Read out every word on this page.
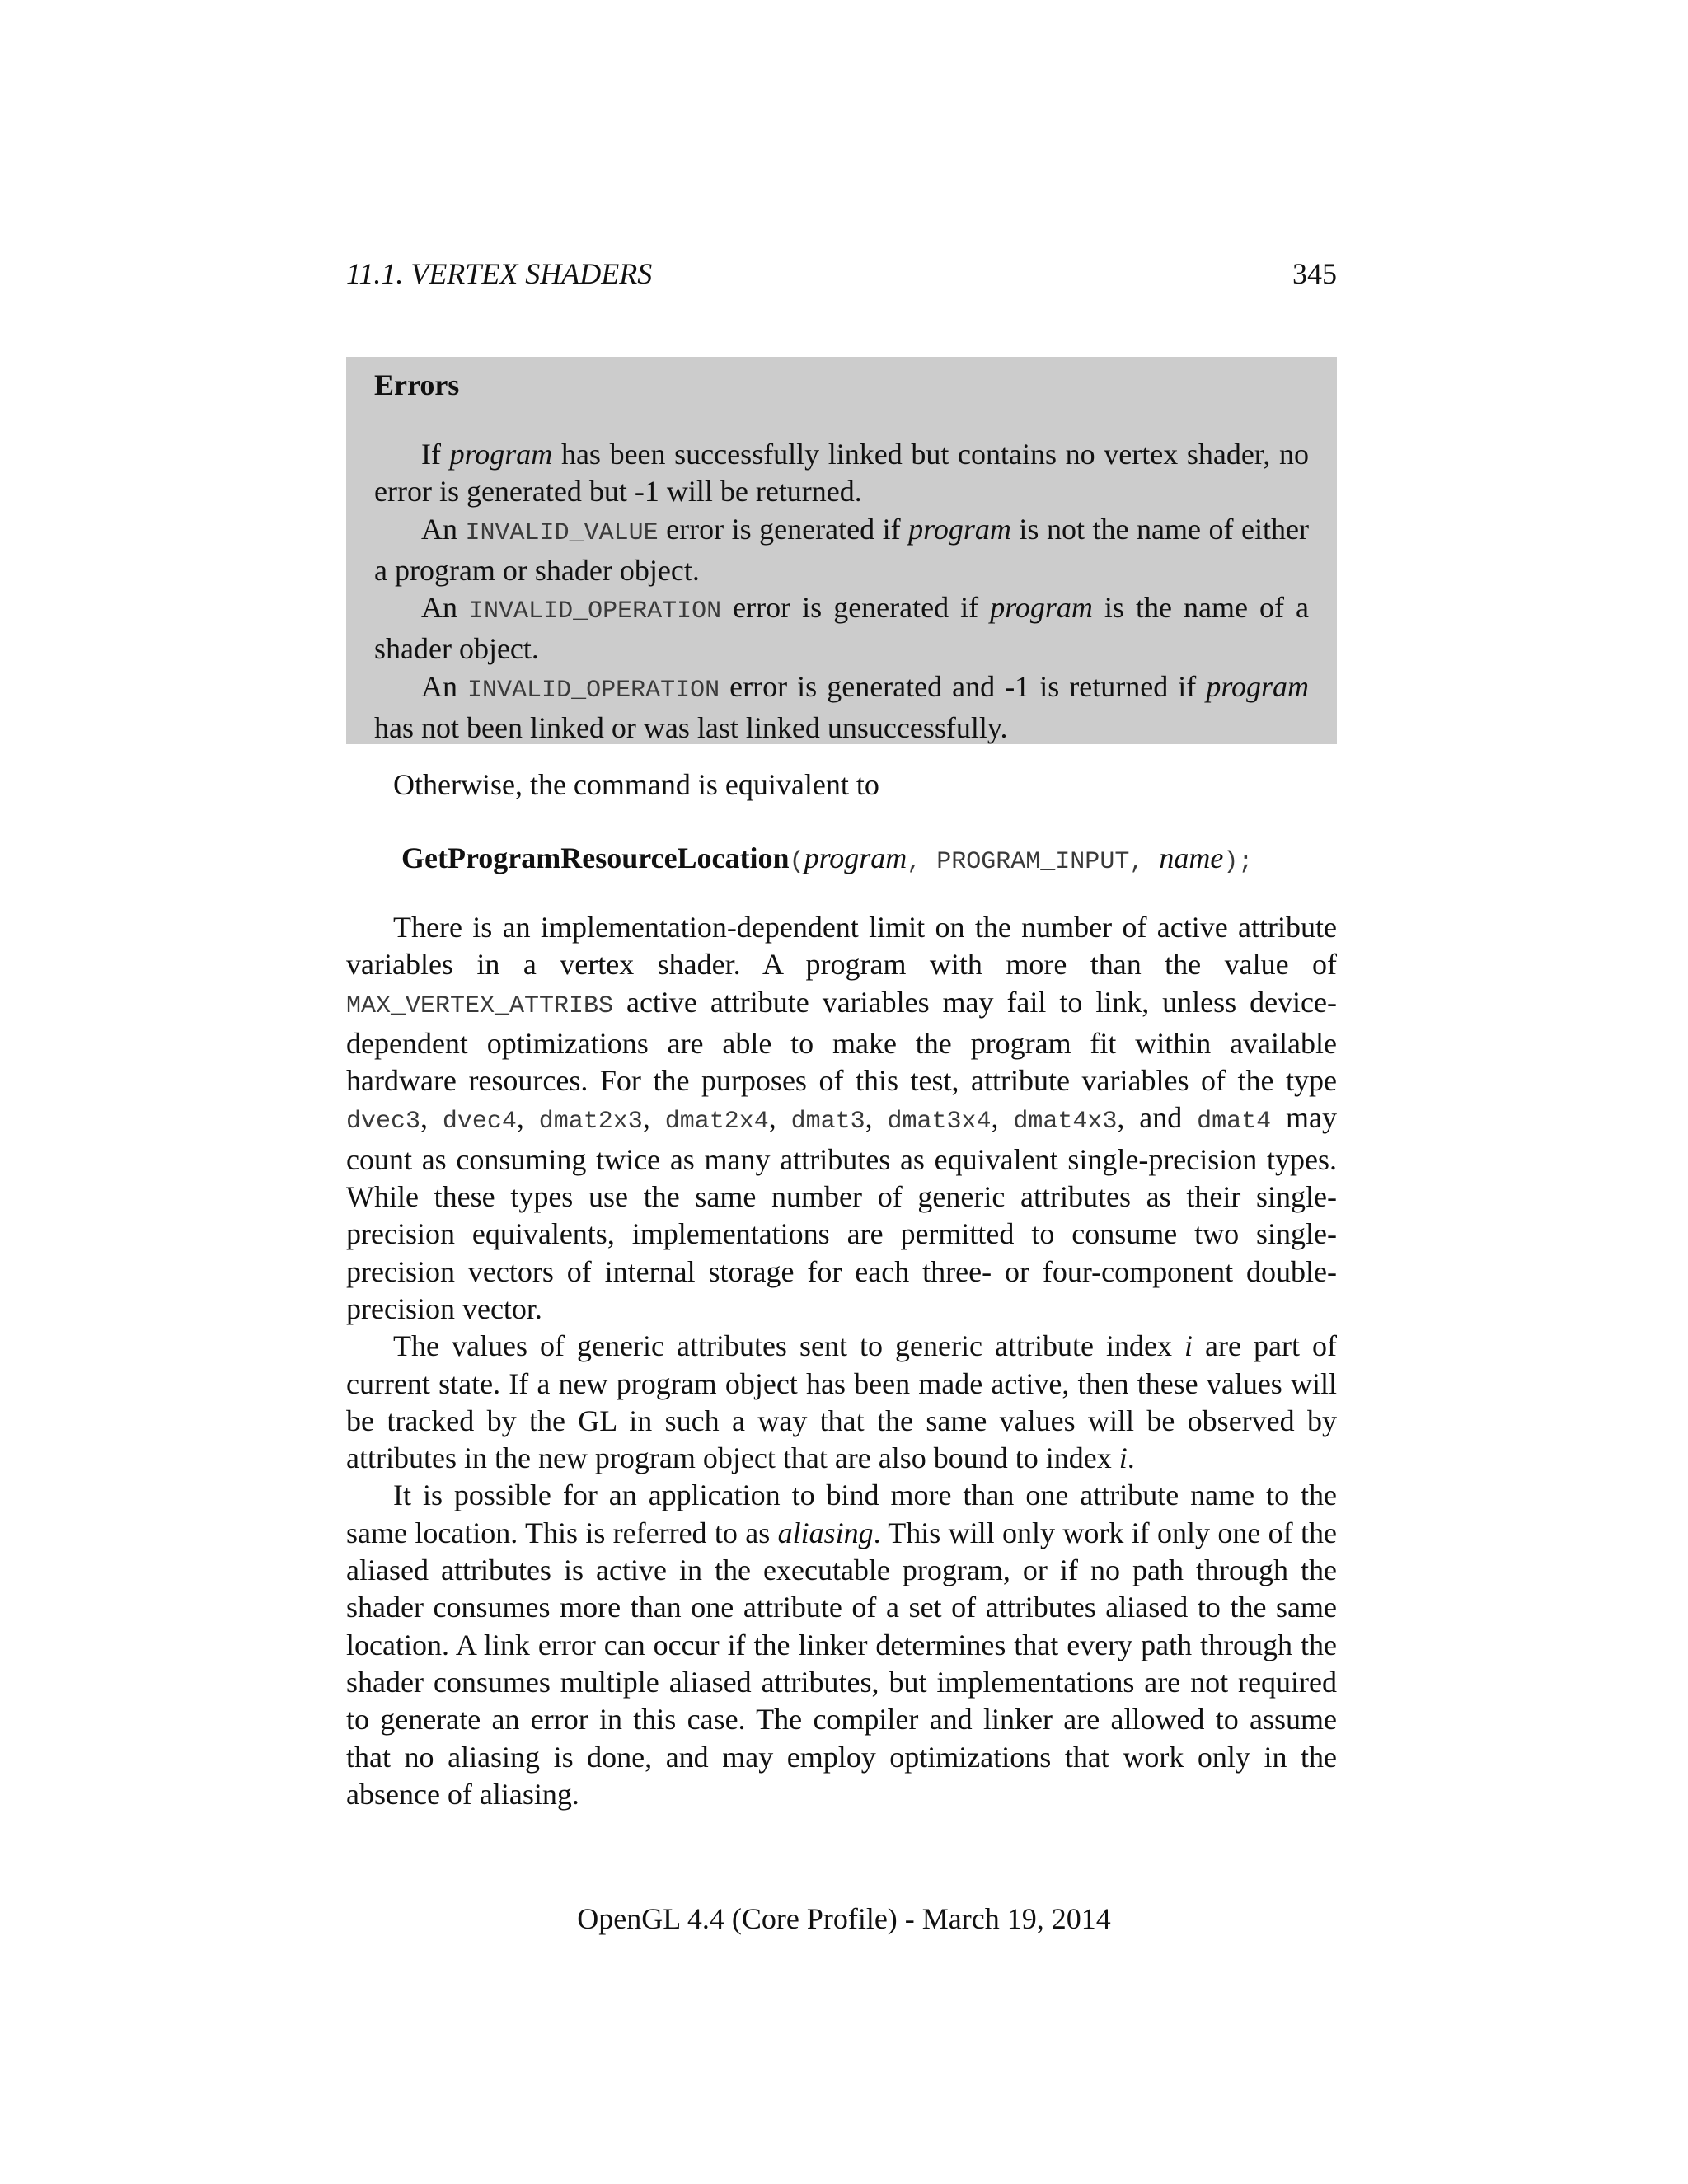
11.1. VERTEX SHADERS	345
Errors

If program has been successfully linked but contains no vertex shader, no error is generated but -1 will be returned.

An INVALID_VALUE error is generated if program is not the name of either a program or shader object.

An INVALID_OPERATION error is generated if program is the name of a shader object.

An INVALID_OPERATION error is generated and -1 is returned if program has not been linked or was last linked unsuccessfully.

Otherwise, the command is equivalent to
GetProgramResourceLocation(program, PROGRAM_INPUT, name);

There is an implementation-dependent limit on the number of active attribute variables in a vertex shader. A program with more than the value of MAX_VERTEX_ATTRIBS active attribute variables may fail to link, unless device-dependent optimizations are able to make the program fit within available hardware resources. For the purposes of this test, attribute variables of the type dvec3, dvec4, dmat2x3, dmat2x4, dmat3, dmat3x4, dmat4x3, and dmat4 may count as consuming twice as many attributes as equivalent single-precision types. While these types use the same number of generic attributes as their single-precision equivalents, implementations are permitted to consume two single-precision vectors of internal storage for each three- or four-component double-precision vector.

The values of generic attributes sent to generic attribute index i are part of current state. If a new program object has been made active, then these values will be tracked by the GL in such a way that the same values will be observed by attributes in the new program object that are also bound to index i.

It is possible for an application to bind more than one attribute name to the same location. This is referred to as aliasing. This will only work if only one of the aliased attributes is active in the executable program, or if no path through the shader consumes more than one attribute of a set of attributes aliased to the same location. A link error can occur if the linker determines that every path through the shader consumes multiple aliased attributes, but implementations are not required to generate an error in this case. The compiler and linker are allowed to assume that no aliasing is done, and may employ optimizations that work only in the absence of aliasing.

OpenGL 4.4 (Core Profile) - March 19, 2014
